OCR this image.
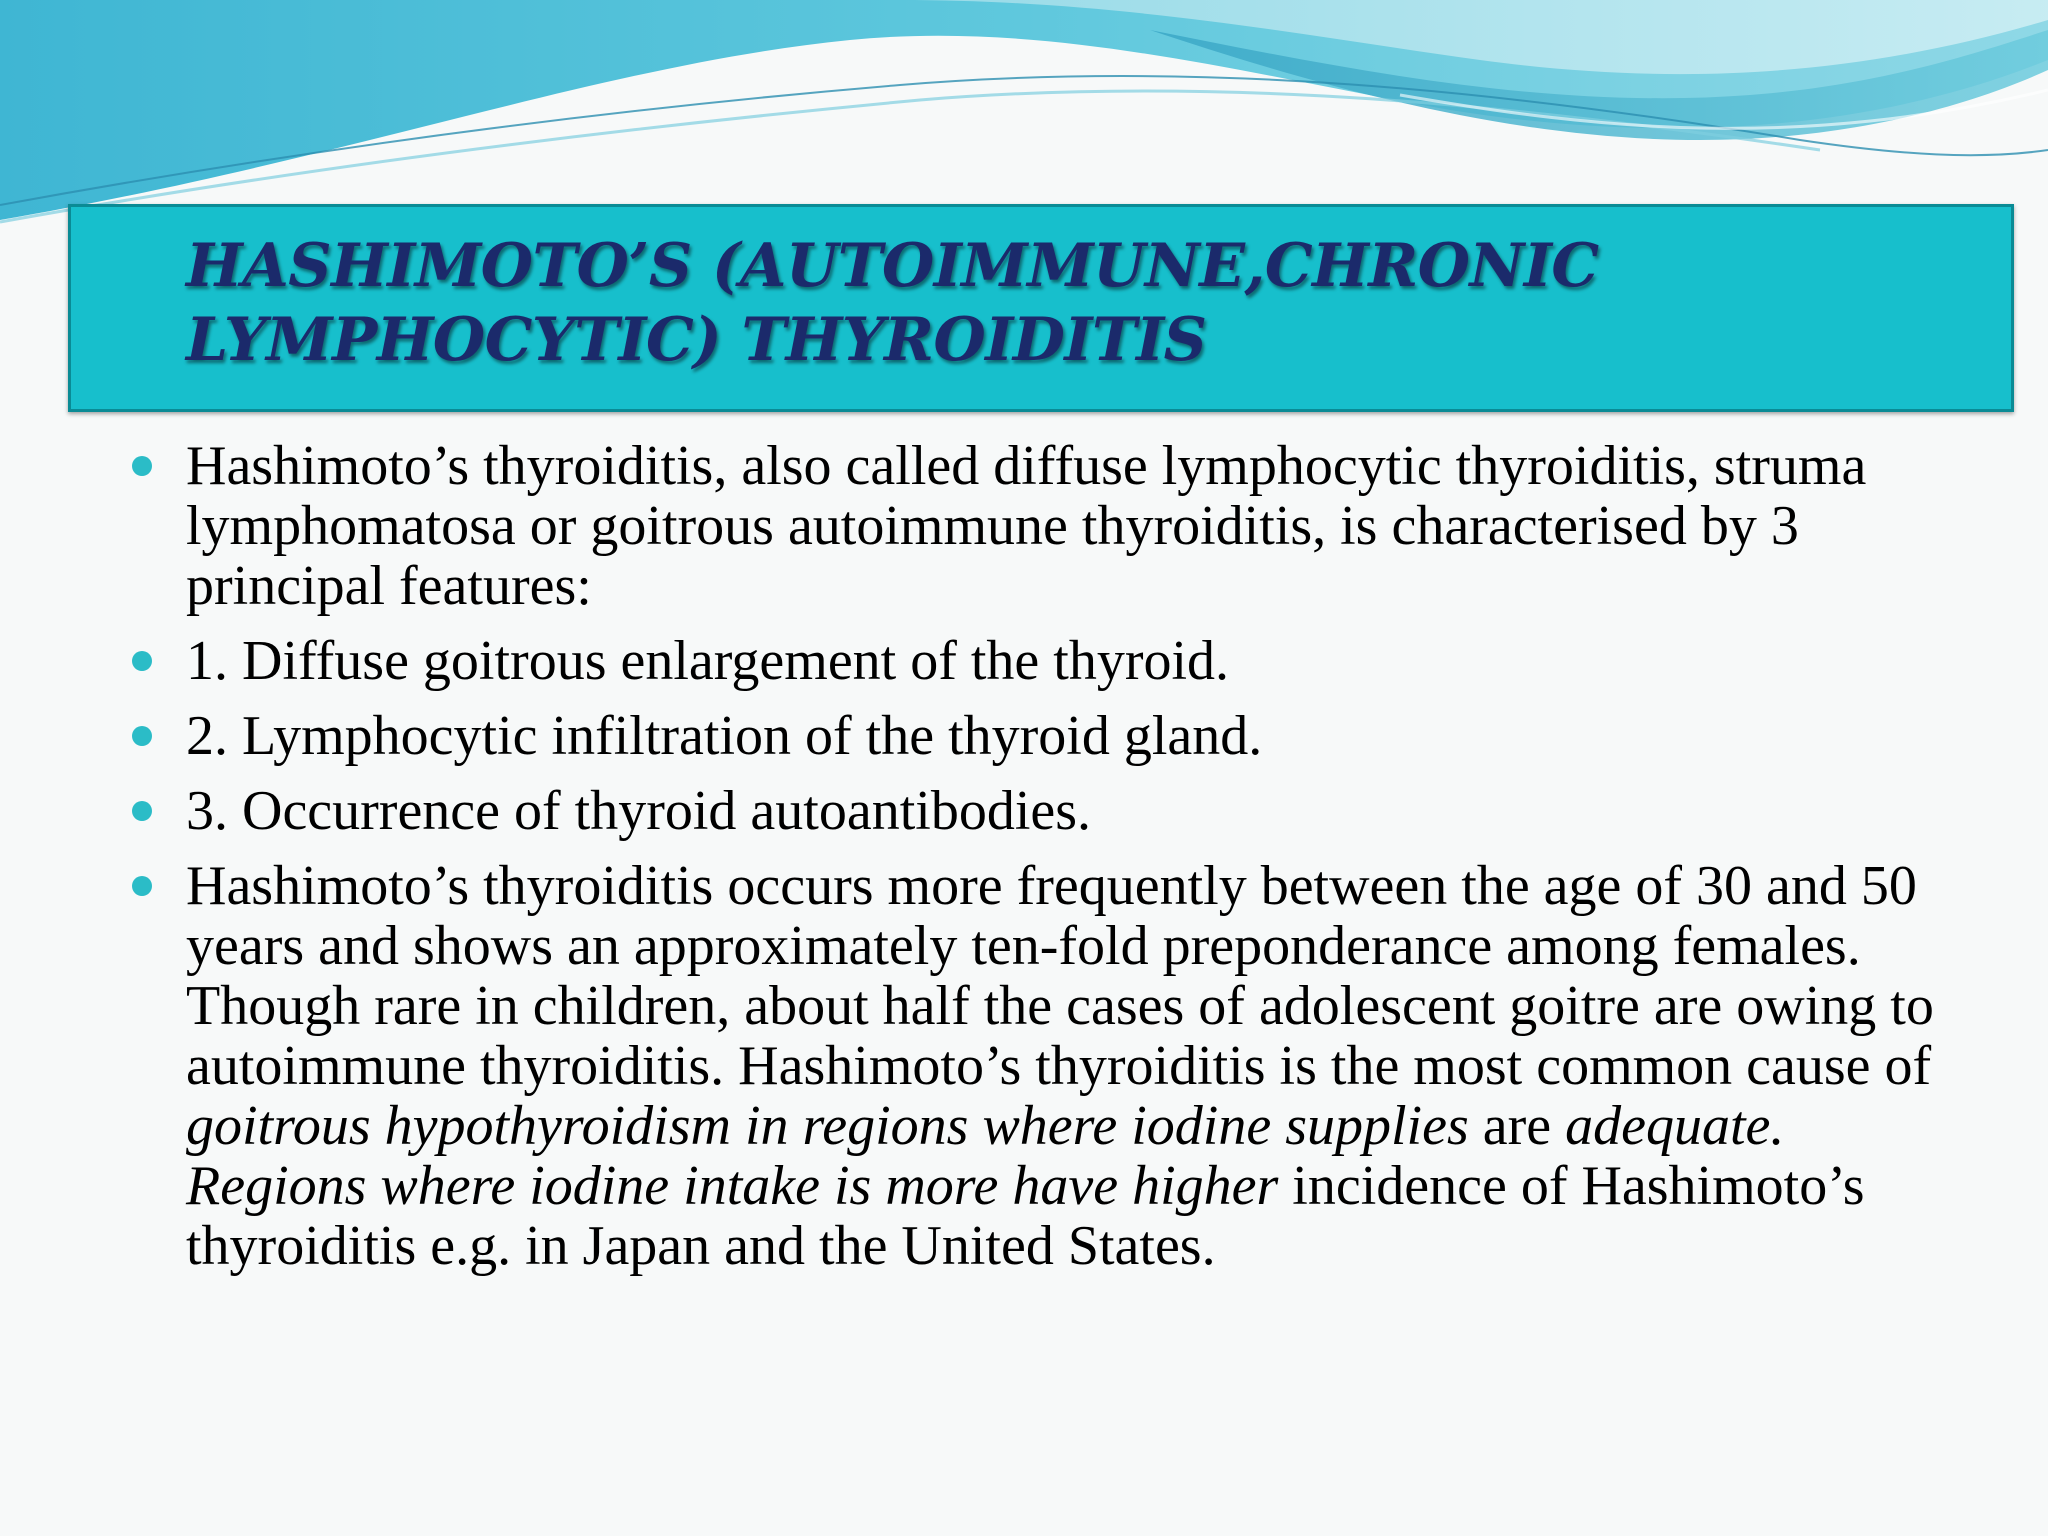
HASHIMOTO’S (AUTOIMMUNE,CHRONIC LYMPHOCYTIC) THYROIDITIS
Hashimoto’s thyroiditis, also called diffuse lymphocytic thyroiditis, struma lymphomatosa or goitrous autoimmune thyroiditis, is characterised by 3 principal features:
1. Diffuse goitrous enlargement of the thyroid.
2. Lymphocytic infiltration of the thyroid gland.
3. Occurrence of thyroid autoantibodies.
Hashimoto’s thyroiditis occurs more frequently between the age of 30 and 50 years and shows an approximately ten-fold preponderance among females. Though rare in children, about half the cases of adolescent goitre are owing to autoimmune thyroiditis. Hashimoto’s thyroiditis is the most common cause of goitrous hypothyroidism in regions where iodine supplies are adequate. Regions where iodine intake is more have higher incidence of Hashimoto’s thyroiditis e.g. in Japan and the United States.
